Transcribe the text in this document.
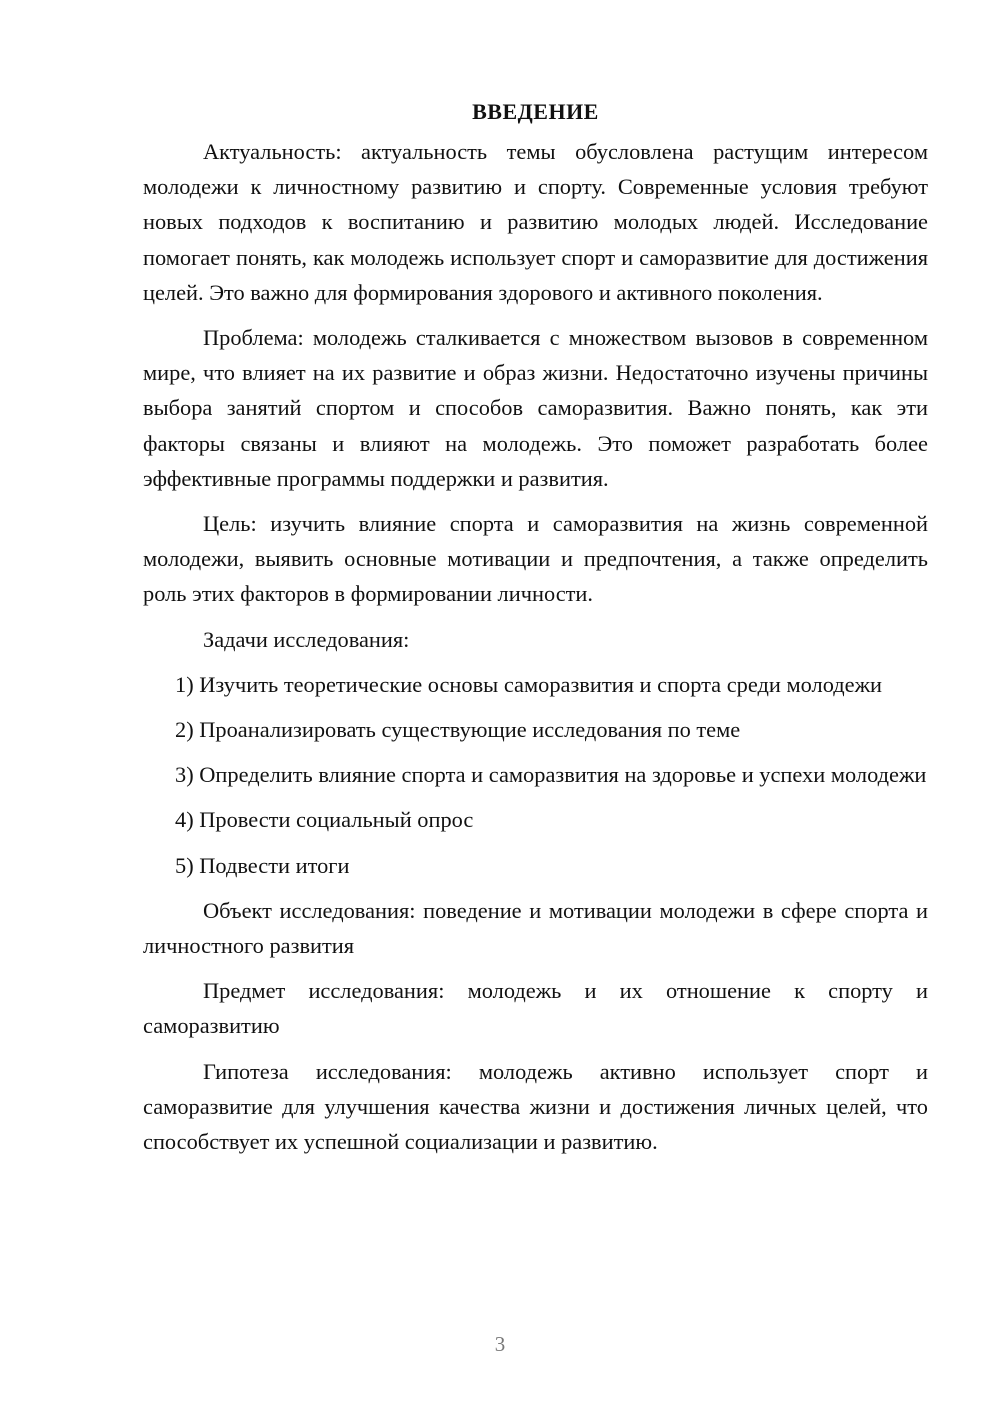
ВВЕДЕНИЕ

Актуальность: актуальность темы обусловлена растущим интересом молодежи к личностному развитию и спорту. Современные условия требуют новых подходов к воспитанию и развитию молодых людей. Исследование помогает понять, как молодежь использует спорт и саморазвитие для достижения целей. Это важно для формирования здорового и активного поколения.

Проблема: молодежь сталкивается с множеством вызовов в современном мире, что влияет на их развитие и образ жизни. Недостаточно изучены причины выбора занятий спортом и способов саморазвития. Важно понять, как эти факторы связаны и влияют на молодежь. Это поможет разработать более эффективные программы поддержки и развития.

Цель: изучить влияние спорта и саморазвития на жизнь современной молодежи, выявить основные мотивации и предпочтения, а также определить роль этих факторов в формировании личности.

Задачи исследования:

1) Изучить теоретические основы саморазвития и спорта среди молодежи

2) Проанализировать существующие исследования по теме

3) Определить влияние спорта и саморазвития на здоровье и успехи молодежи

4) Провести социальный опрос

5) Подвести итоги

Объект исследования: поведение и мотивации молодежи в сфере спорта и личностного развития

Предмет исследования: молодежь и их отношение к спорту и саморазвитию

Гипотеза исследования: молодежь активно использует спорт и саморазвитие для улучшения качества жизни и достижения личных целей, что способствует их успешной социализации и развитию.

3
